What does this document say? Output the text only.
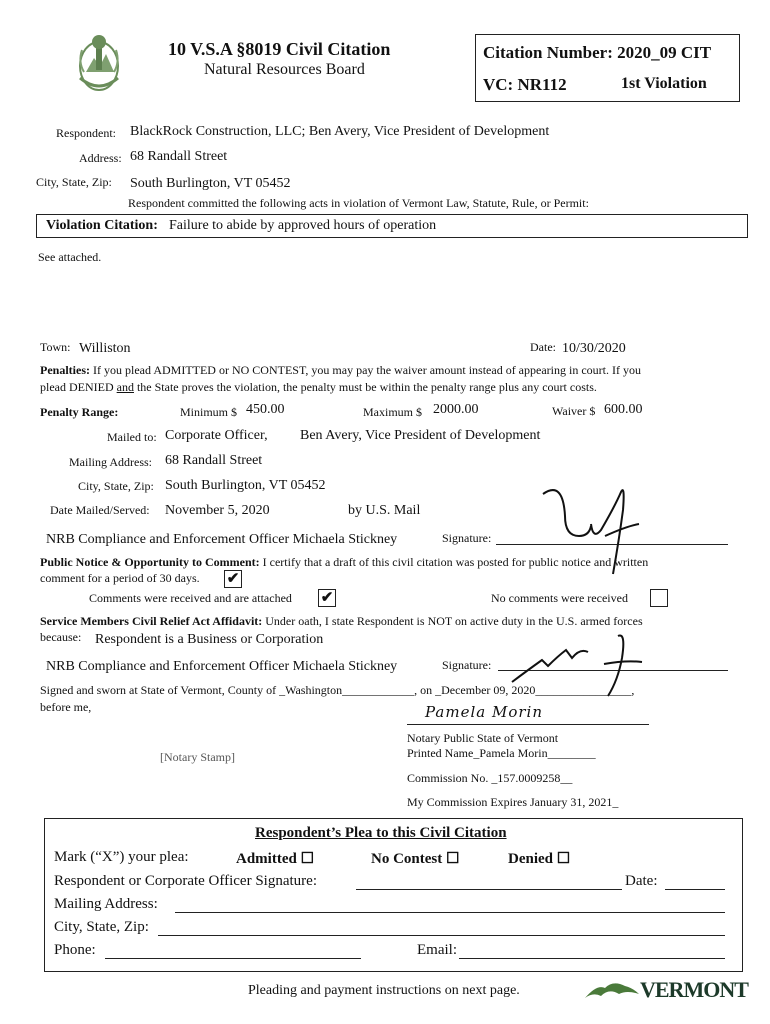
10 V.S.A §8019 Civil Citation
Natural Resources Board
Citation Number: 2020_09 CIT
VC: NR112	1st Violation
Respondent: BlackRock Construction, LLC; Ben Avery, Vice President of Development
Address: 68 Randall Street
City, State, Zip: South Burlington, VT 05452
Respondent committed the following acts in violation of Vermont Law, Statute, Rule, or Permit:
Violation Citation: Failure to abide by approved hours of operation
See attached.
Town: Williston	Date: 10/30/2020
Penalties: If you plead ADMITTED or NO CONTEST, you may pay the waiver amount instead of appearing in court. If you
plead DENIED and the State proves the violation, the penalty must be within the penalty range plus any court costs.
Penalty Range:	Minimum $ 450.00	Maximum $ 2000.00	Waiver $ 600.00
Mailed to: Corporate Officer, Ben Avery, Vice President of Development
Mailing Address: 68 Randall Street
City, State, Zip: South Burlington, VT 05452
Date Mailed/Served: November 5, 2020	by U.S. Mail
NRB Compliance and Enforcement Officer Michaela Stickney	Signature:
Public Notice & Opportunity to Comment: I certify that a draft of this civil citation was posted for public notice and written
comment for a period of 30 days. ✔
Comments were received and are attached ✔	No comments were received
Service Members Civil Relief Act Affidavit: Under oath, I state Respondent is NOT on active duty in the U.S. armed forces
because: Respondent is a Business or Corporation
NRB Compliance and Enforcement Officer Michaela Stickney	Signature:
Signed and sworn at State of Vermont, County of _Washington____________, on _December 09, 2020________________,
before me,
[Notary Stamp]
Pamela Morin
Notary Public State of Vermont
Printed Name_Pamela Morin________
Commission No. _157.0009258__
My Commission Expires January 31, 2021_
Respondent’s Plea to this Civil Citation
Mark (“X”) your plea:	Admitted ☐	No Contest ☐	Denied ☐
Respondent or Corporate Officer Signature:	Date:
Mailing Address:
City, State, Zip:
Phone:	Email:
Pleading and payment instructions on next page.	VERMONT
